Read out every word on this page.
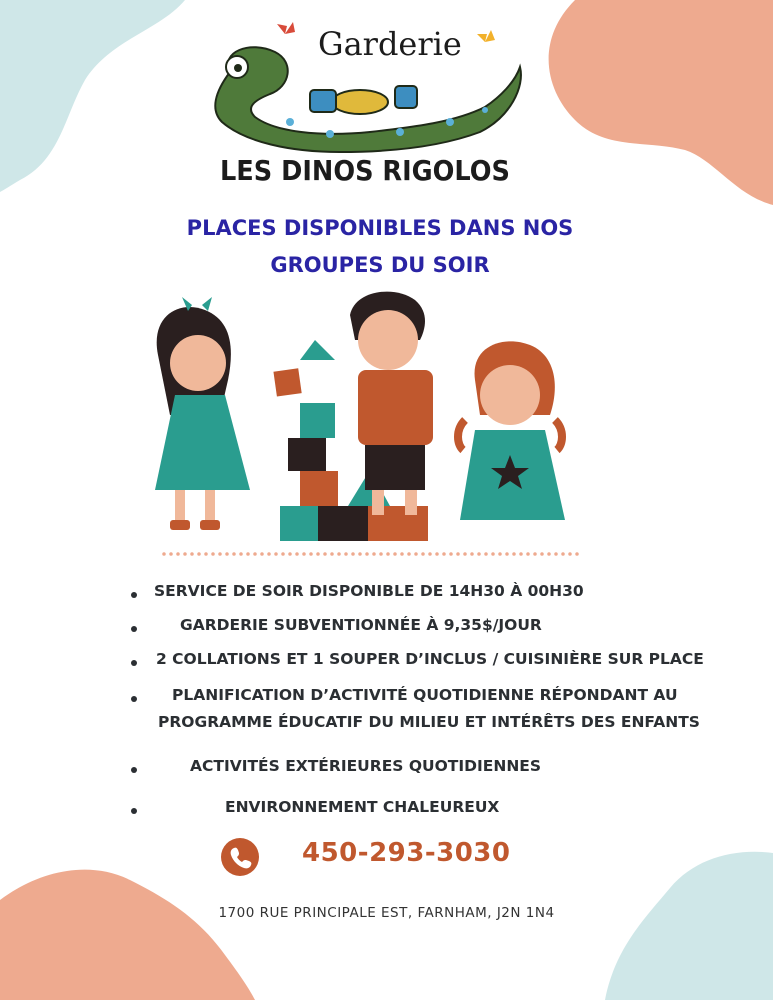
Garderie
LES DINOS RIGOLOS
PLACES DISPONIBLES DANS NOS
GROUPES DU SOIR
SERVICE DE SOIR DISPONIBLE DE 14H30 À 00H30
GARDERIE SUBVENTIONNÉE À 9,35$/JOUR
2 COLLATIONS ET 1 SOUPER D’INCLUS / CUISINIÈRE SUR PLACE
PLANIFICATION D’ACTIVITÉ QUOTIDIENNE RÉPONDANT AU
PROGRAMME ÉDUCATIF DU MILIEU ET INTÉRÊTS DES ENFANTS
ACTIVITÉS EXTÉRIEURES QUOTIDIENNES
ENVIRONNEMENT CHALEUREUX
450-293-3030
1700 RUE PRINCIPALE EST, FARNHAM, J2N 1N4
